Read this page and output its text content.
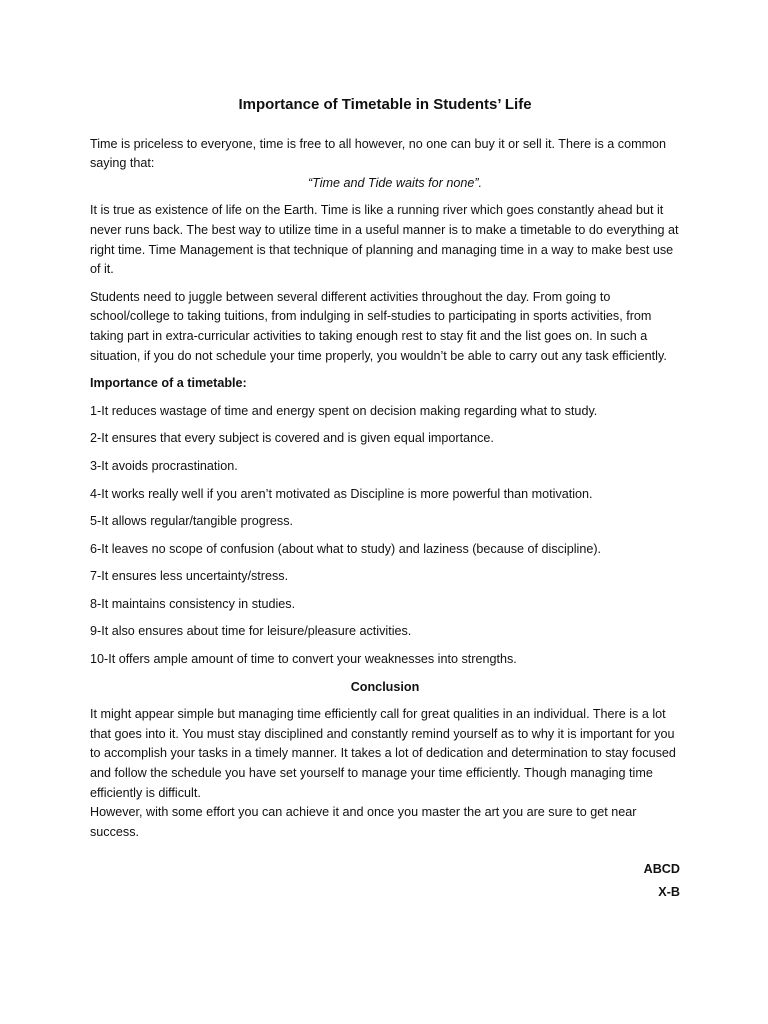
Importance of Timetable in Students’ Life

Time is priceless to everyone, time is free to all however, no one can buy it or sell it. There is a common saying that:

“Time and Tide waits for none”.

It is true as existence of life on the Earth. Time is like a running river which goes constantly ahead but it never runs back. The best way to utilize time in a useful manner is to make a timetable to do everything at right time. Time Management is that technique of planning and managing time in a way to make best use of it.

Students need to juggle between several different activities throughout the day. From going to school/college to taking tuitions, from indulging in self-studies to participating in sports activities, from taking part in extra-curricular activities to taking enough rest to stay fit and the list goes on. In such a situation, if you do not schedule your time properly, you wouldn’t be able to carry out any task efficiently.

Importance of a timetable:

1-It reduces wastage of time and energy spent on decision making regarding what to study.

2-It ensures that every subject is covered and is given equal importance.

3-It avoids procrastination.

4-It works really well if you aren’t motivated as Discipline is more powerful than motivation.

5-It allows regular/tangible progress.

6-It leaves no scope of confusion (about what to study) and laziness (because of discipline).

7-It ensures less uncertainty/stress.

8-It maintains consistency in studies.

9-It also ensures about time for leisure/pleasure activities.

10-It offers ample amount of time to convert your weaknesses into strengths.

Conclusion

It might appear simple but managing time efficiently call for great qualities in an individual. There is a lot that goes into it. You must stay disciplined and constantly remind yourself as to why it is important for you to accomplish your tasks in a timely manner. It takes a lot of dedication and determination to stay focused and follow the schedule you have set yourself to manage your time efficiently. Though managing time efficiently is difficult.

However, with some effort you can achieve it and once you master the art you are sure to get near success.

ABCD
X-B
